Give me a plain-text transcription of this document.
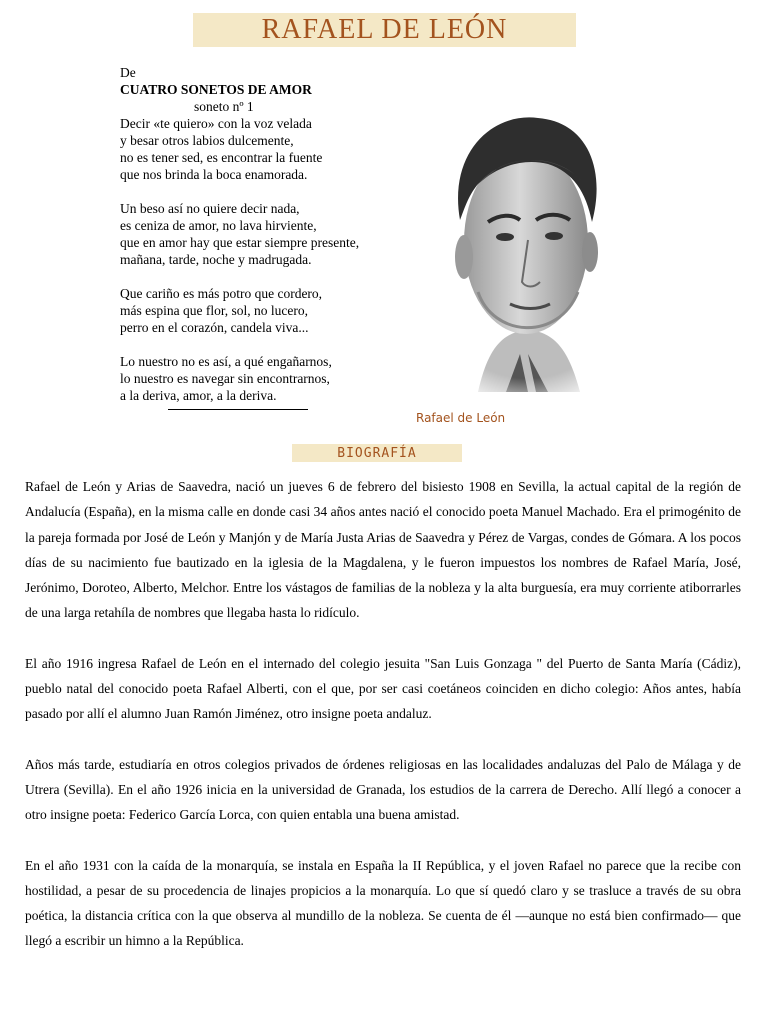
RAFAEL DE LEÓN
De
CUATRO SONETOS DE AMOR
soneto nº 1
Decir «te quiero» con la voz velada
y besar otros labios dulcemente,
no es tener sed, es encontrar la fuente
que nos brinda la boca enamorada.
Un beso así no quiere decir nada,
es ceniza de amor, no lava hirviente,
que en amor hay que estar siempre presente,
mañana, tarde, noche y madrugada.
Que cariño es más potro que cordero,
más espina que flor, sol, no lucero,
perro en el corazón, candela viva...
Lo nuestro no es así, a qué engañarnos,
lo nuestro es navegar sin encontrarnos,
a la deriva, amor, a la deriva.
Rafael de León
BIOGRAFÍA

Rafael de León y Arias de Saavedra, nació un jueves 6 de febrero del bisiesto 1908 en Sevilla, la actual capital de la región de Andalucía (España), en la misma calle en donde casi 34 años antes nació el conocido poeta Manuel Machado. Era el primogénito de la pareja formada por José de León y Manjón y de María Justa Arias de Saavedra y Pérez de Vargas, condes de Gómara. A los pocos días de su nacimiento fue bautizado en la iglesia de la Magdalena, y le fueron impuestos los nombres de Rafael María, José, Jerónimo, Doroteo, Alberto, Melchor. Entre los vástagos de familias de la nobleza y la alta burguesía, era muy corriente atiborrarles de una larga retahíla de nombres que llegaba hasta lo ridículo.

El año 1916 ingresa Rafael de León en el internado del colegio jesuita "San Luis Gonzaga " del Puerto de Santa María (Cádiz), pueblo natal del conocido poeta Rafael Alberti, con el que, por ser casi coetáneos coinciden en dicho colegio: Años antes, había pasado por allí el alumno Juan Ramón Jiménez, otro insigne poeta andaluz.

Años más tarde, estudiaría en otros colegios privados de órdenes religiosas en las localidades andaluzas del Palo de Málaga y de Utrera (Sevilla). En el año 1926 inicia en la universidad de Granada, los estudios de la carrera de Derecho. Allí llegó a conocer a otro insigne poeta: Federico García Lorca, con quien entabla una buena amistad.

En el año 1931 con la caída de la monarquía, se instala en España la II República, y el joven Rafael no parece que la recibe con hostilidad, a pesar de su procedencia de linajes propicios a la monarquía. Lo que sí quedó claro y se trasluce a través de su obra poética, la distancia crítica con la que observa al mundillo de la nobleza. Se cuenta de él —aunque no está bien confirmado— que llegó a escribir un himno a la República.
